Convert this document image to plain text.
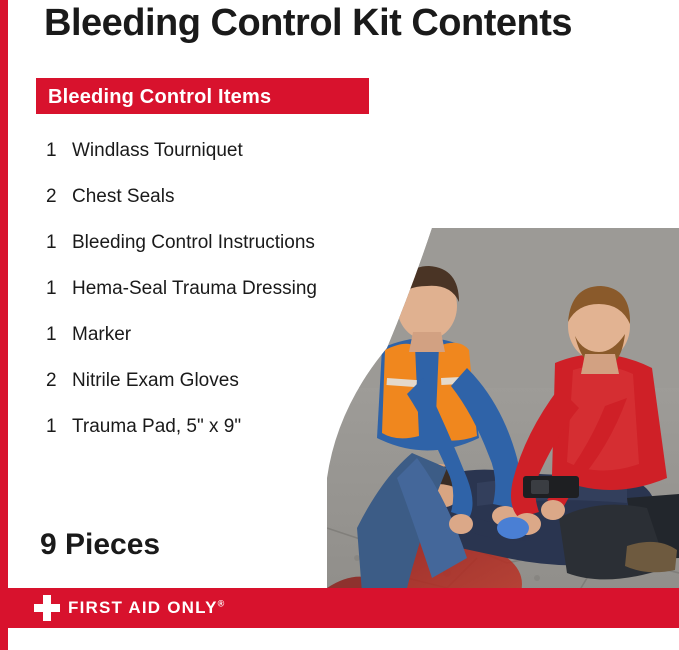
Bleeding Control Kit Contents
Bleeding Control Items
1 Windlass Tourniquet
2 Chest Seals
1 Bleeding Control Instructions
1 Hema-Seal Trauma Dressing
1 Marker
2 Nitrile Exam Gloves
1 Trauma Pad, 5" x 9"
9 Pieces
FIRST AID ONLY®
